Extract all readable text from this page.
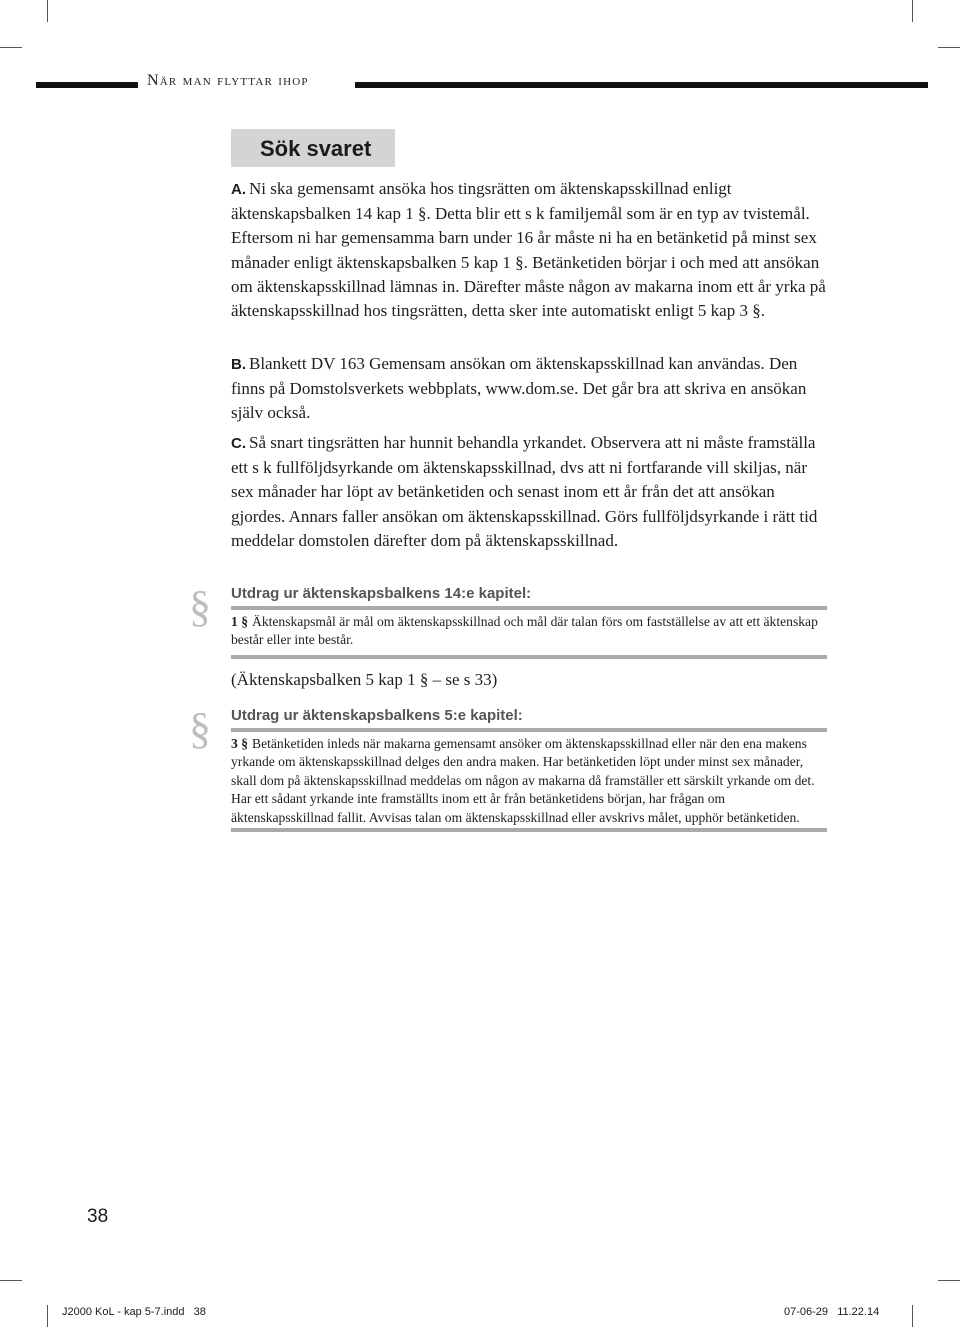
När man flyttar ihop
Sök svaret
A. Ni ska gemensamt ansöka hos tingsrätten om äktenskapsskillnad enligt äktenskapsbalken 14 kap 1 §. Detta blir ett s k familjemål som är en typ av tvistemål. Eftersom ni har gemensamma barn under 16 år måste ni ha en betänketid på minst sex månader enligt äktenskapsbalken 5 kap 1 §. Betänketiden börjar i och med att ansökan om äktenskapsskillnad lämnas in. Därefter måste någon av makarna inom ett år yrka på äktenskapsskillnad hos tingsrätten, detta sker inte automatiskt enligt 5 kap 3 §.
B. Blankett DV 163 Gemensam ansökan om äktenskapsskillnad kan användas. Den finns på Domstolsverkets webbplats, www.dom.se. Det går bra att skriva en ansökan själv också.
C. Så snart tingsrätten har hunnit behandla yrkandet. Observera att ni måste framställa ett s k fullföljdsyrkande om äktenskapsskillnad, dvs att ni fortfarande vill skiljas, när sex månader har löpt av betänketiden och senast inom ett år från det att ansökan gjordes. Annars faller ansökan om äktenskapsskillnad. Görs fullföljdsyrkande i rätt tid meddelar domstolen därefter dom på äktenskapsskillnad.
§ Utdrag ur äktenskapsbalkens 14:e kapitel:
1 § Äktenskapsmål är mål om äktenskapsskillnad och mål där talan förs om fastställelse av att ett äktenskap består eller inte består.
(Äktenskapsbalken 5 kap 1 § – se s 33)
§ Utdrag ur äktenskapsbalkens 5:e kapitel:
3 § Betänketiden inleds när makarna gemensamt ansöker om äktenskapsskillnad eller när den ena makens yrkande om äktenskapsskillnad delges den andra maken. Har betänketiden löpt under minst sex månader, skall dom på äktenskapsskillnad meddelas om någon av makarna då framställer ett särskilt yrkande om det. Har ett sådant yrkande inte framställts inom ett år från betänketidens början, har frågan om äktenskapsskillnad fallit. Avvisas talan om äktenskapsskillnad eller avskrivs målet, upphör betänketiden.
38
J2000 KoL - kap 5-7.indd   38	07-06-29   11.22.14
